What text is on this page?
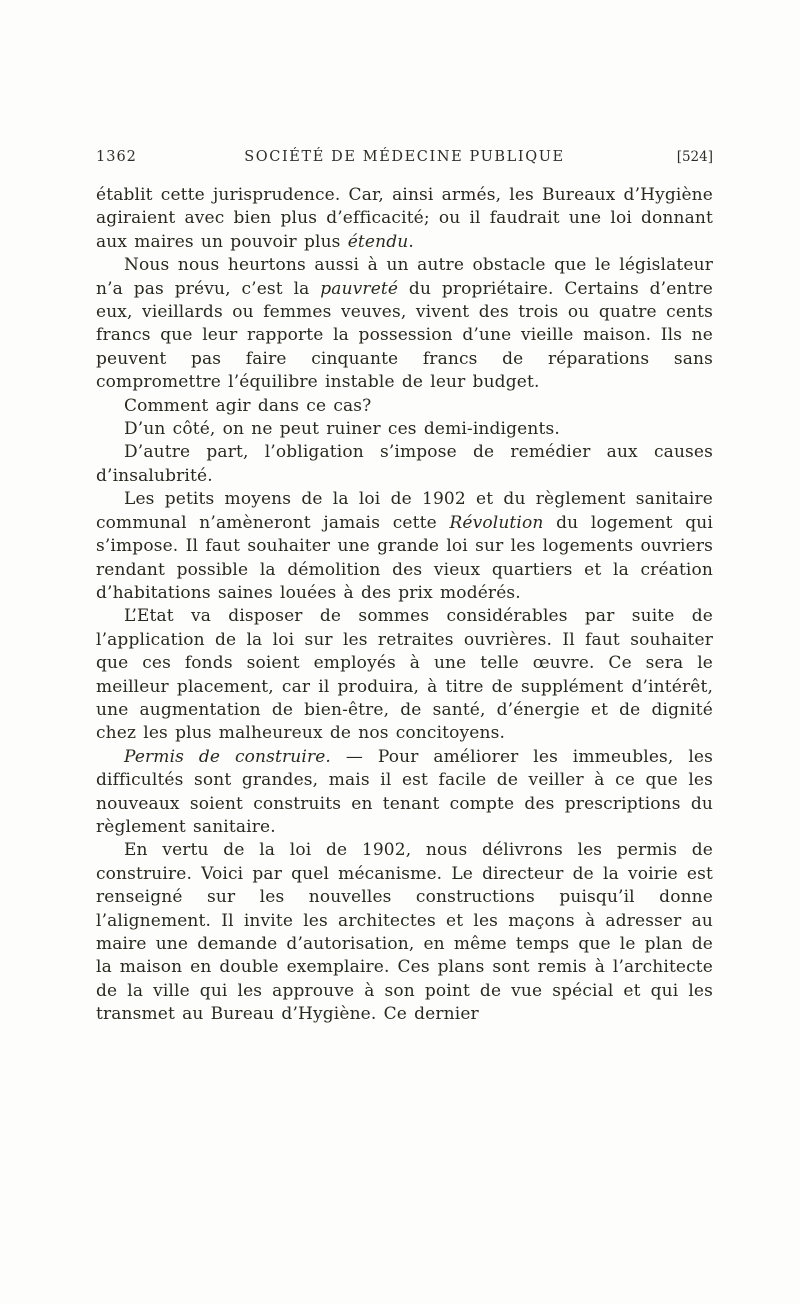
1362	SOCIÉTÉ DE MÉDECINE PUBLIQUE	[524]

établit cette jurisprudence. Car, ainsi armés, les Bureaux d’Hygiène agiraient avec bien plus d’efficacité; ou il faudrait une loi donnant aux maires un pouvoir plus étendu.

Nous nous heurtons aussi à un autre obstacle que le législateur n’a pas prévu, c’est la pauvreté du propriétaire. Certains d’entre eux, vieillards ou femmes veuves, vivent des trois ou quatre cents francs que leur rapporte la possession d’une vieille maison. Ils ne peuvent pas faire cinquante francs de réparations sans compromettre l’équilibre instable de leur budget.

Comment agir dans ce cas?

D’un côté, on ne peut ruiner ces demi-indigents.

D’autre part, l’obligation s’impose de remédier aux causes d’insalubrité.

Les petits moyens de la loi de 1902 et du règlement sanitaire communal n’amèneront jamais cette Révolution du logement qui s’impose. Il faut souhaiter une grande loi sur les logements ouvriers rendant possible la démolition des vieux quartiers et la création d’habitations saines louées à des prix modérés.

L’Etat va disposer de sommes considérables par suite de l’application de la loi sur les retraites ouvrières. Il faut souhaiter que ces fonds soient employés à une telle œuvre. Ce sera le meilleur placement, car il produira, à titre de supplément d’intérêt, une augmentation de bien-être, de santé, d’énergie et de dignité chez les plus malheureux de nos concitoyens.

Permis de construire. — Pour améliorer les immeubles, les difficultés sont grandes, mais il est facile de veiller à ce que les nouveaux soient construits en tenant compte des prescriptions du règlement sanitaire.

En vertu de la loi de 1902, nous délivrons les permis de construire. Voici par quel mécanisme. Le directeur de la voirie est renseigné sur les nouvelles constructions puisqu’il donne l’alignement. Il invite les architectes et les maçons à adresser au maire une demande d’autorisation, en même temps que le plan de la maison en double exemplaire. Ces plans sont remis à l’architecte de la ville qui les approuve à son point de vue spécial et qui les transmet au Bureau d’Hygiène. Ce dernier
